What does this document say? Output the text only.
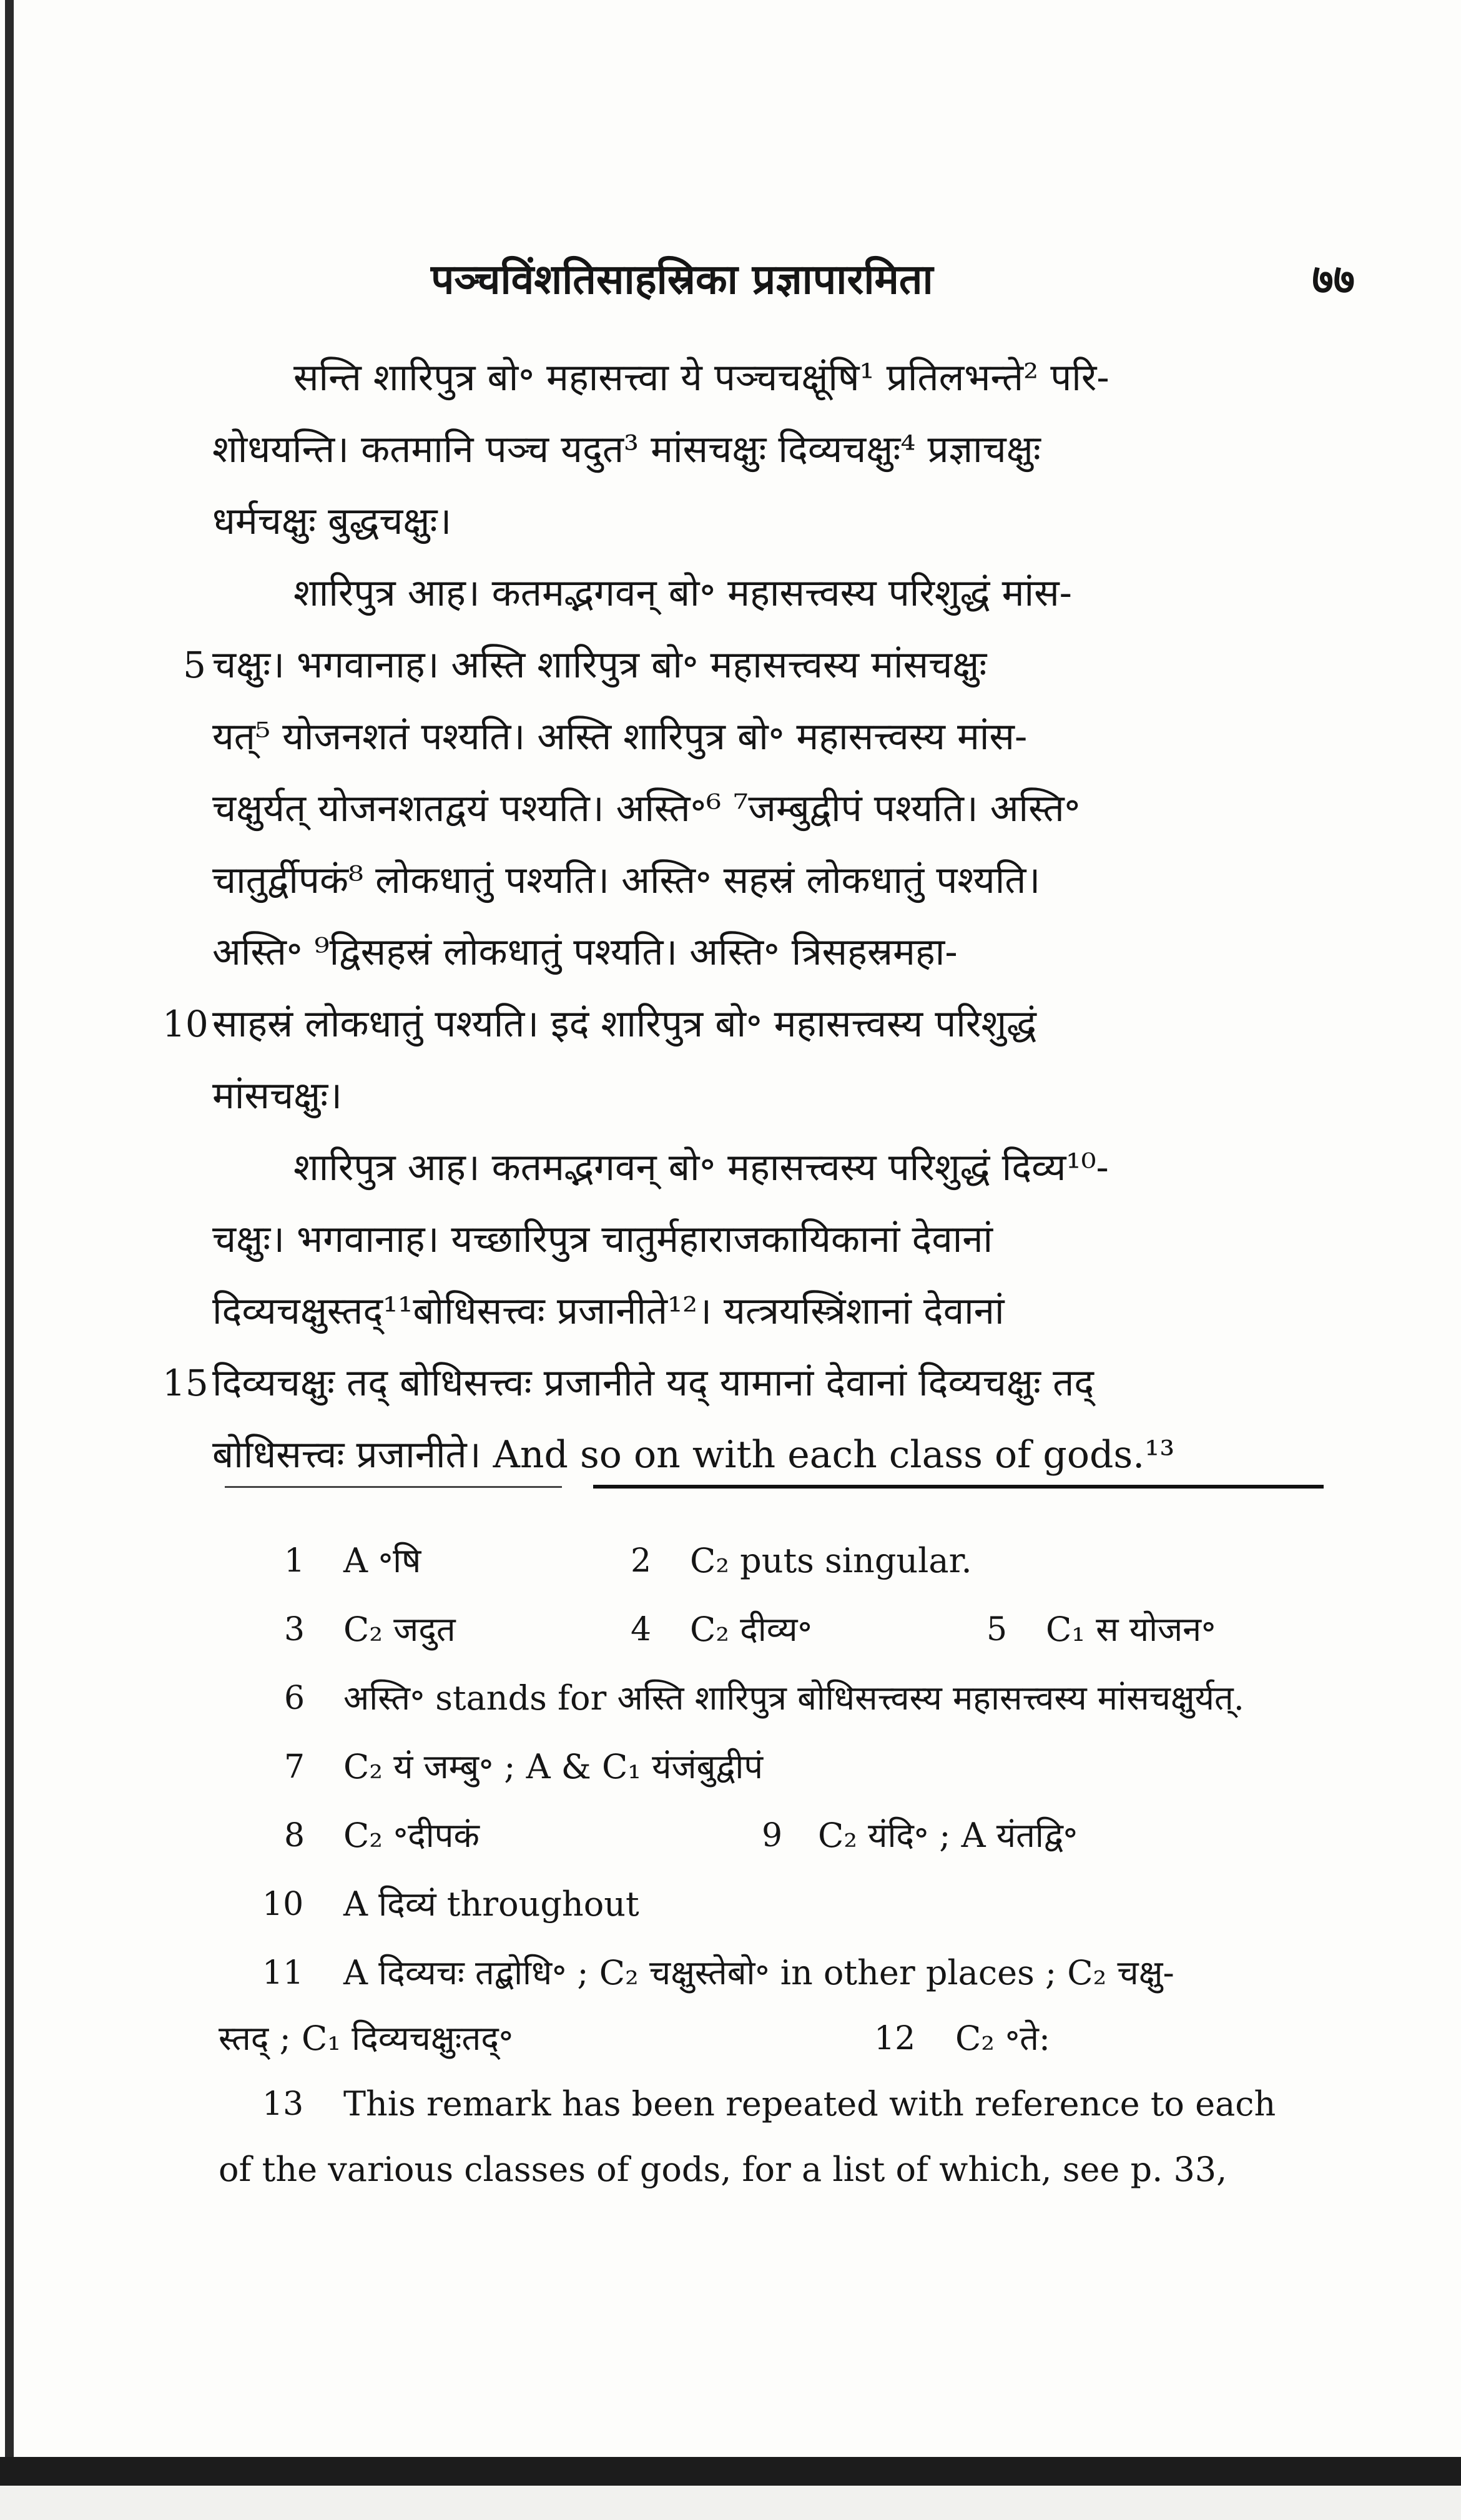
पञ्चविंशतिसाहस्रिका प्रज्ञापारमिता	७७
सन्ति शारिपुत्र बो॰ महासत्त्वा ये पञ्चचक्षूंषि¹ प्रतिलभन्ते² परि-
शोधयन्ति। कतमानि पञ्च यदुत³ मांसचक्षुः दिव्यचक्षुः⁴ प्रज्ञाचक्षुः
धर्मचक्षुः बुद्धचक्षुः।
शारिपुत्र आह। कतमद्भगवन् बो॰ महासत्त्वस्य परिशुद्धं मांस-
5 चक्षुः। भगवानाह। अस्ति शारिपुत्र बो॰ महासत्त्वस्य मांसचक्षुः
यत्⁵ योजनशतं पश्यति। अस्ति शारिपुत्र बो॰ महासत्त्वस्य मांस-
चक्षुर्यत् योजनशतद्वयं पश्यति। अस्ति॰⁶ ⁷जम्बुद्वीपं पश्यति। अस्ति॰
चातुर्द्वीपकं⁸ लोकधातुं पश्यति। अस्ति॰ सहस्रं लोकधातुं पश्यति।
अस्ति॰ ⁹द्विसहस्रं लोकधातुं पश्यति। अस्ति॰ त्रिसहस्रमहा-
10 साहस्रं लोकधातुं पश्यति। इदं शारिपुत्र बो॰ महासत्त्वस्य परिशुद्धं
मांसचक्षुः।
शारिपुत्र आह। कतमद्भगवन् बो॰ महासत्त्वस्य परिशुद्धं दिव्य¹⁰-
चक्षुः। भगवानाह। यच्छारिपुत्र चातुर्महाराजकायिकानां देवानां
दिव्यचक्षुस्तद्¹¹बोधिसत्त्वः प्रजानीते¹²। यत्त्रयस्त्रिंशानां देवानां
15 दिव्यचक्षुः तद् बोधिसत्त्वः प्रजानीते यद् यामानां देवानां दिव्यचक्षुः तद्
बोधिसत्त्वः प्रजानीते। And so on with each class of gods.¹³
1 A ॰षि	2 C₂ puts singular.
3 C₂ जदुत	4 C₂ दीव्य॰	5 C₁ स योजन॰
6 अस्ति॰ stands for अस्ति शारिपुत्र बोधिसत्त्वस्य महासत्त्वस्य मांसचक्षुर्यत्.
7 C₂ यं जम्बु॰ ; A & C₁ यंजंबुद्वीपं
8 C₂ ॰दीपकं	9 C₂ यंदि॰ ; A यंतद्वि॰
10 A दिव्यं throughout
11 A दिव्यचः तद्बोधि॰ ; C₂ चक्षुस्तेबो॰ in other places ; C₂ चक्षु-
स्तद् ; C₁ दिव्यचक्षुःतद्॰	12 C₂ ॰ते:
13 This remark has been repeated with reference to each
of the various classes of gods, for a list of which, see p. 33,
